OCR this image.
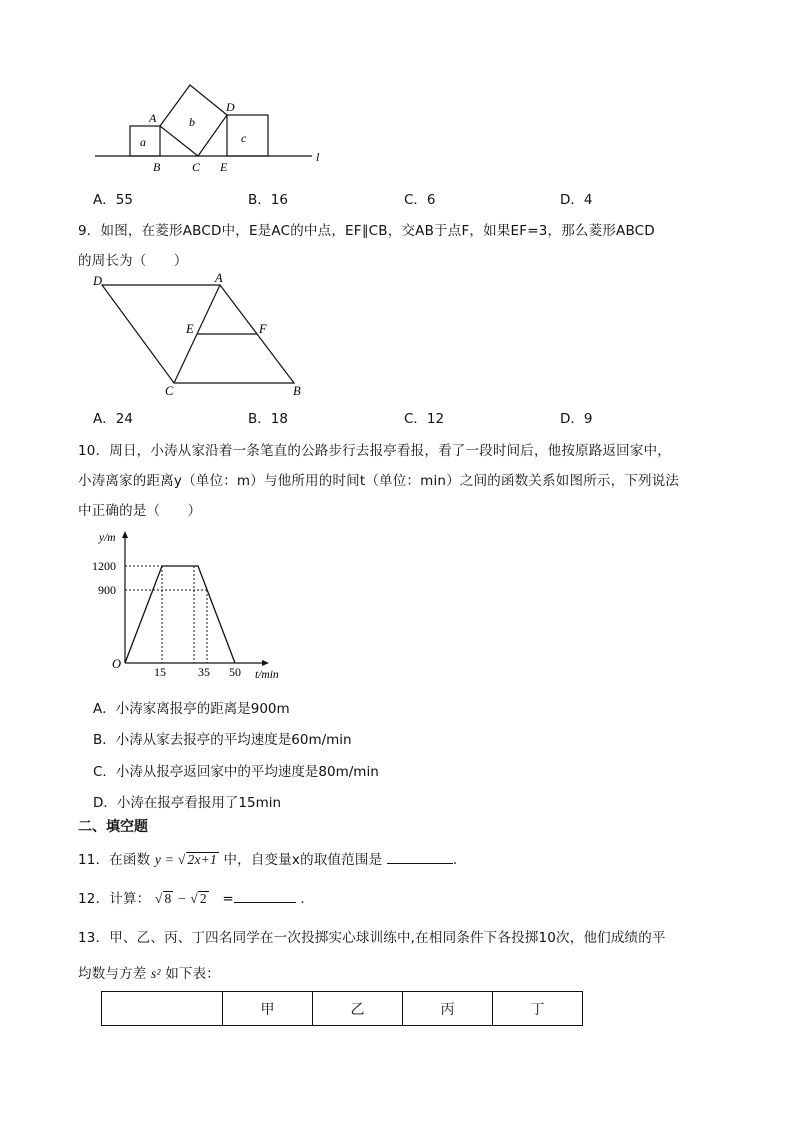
a
b
c
A
D
B	C E
l
A．55	B．16	C．6	D．4
9．如图，在菱形ABCD中，E是AC的中点，EF∥CB，交AB于点F，如果EF=3，那么菱形ABCD
的周长为（　　）
D	A
E	F
C	B
A．24	B．18	C．12	D．9
10．周日，小涛从家沿着一条笔直的公路步行去报亭看报，看了一段时间后，他按原路返回家中，
小涛离家的距离y（单位：m）与他所用的时间t（单位：min）之间的函数关系如图所示，下列说法
中正确的是（　　）
y/m
1200
900
O
15	35 50 t/min
A．小涛家离报亭的距离是900m
B．小涛从家去报亭的平均速度是60m/min
C．小涛从报亭返回家中的平均速度是80m/min
D．小涛在报亭看报用了15min
二、填空题
11．在函数 y = √ 2x+1 中，自变量x的取值范围是	.
12．计算： √ 8 − √ 2 =	.
13．甲、乙、丙、丁四名同学在一次投掷实心球训练中,在相同条件下各投掷10次，他们成绩的平
均数与方差 s² 如下表：
	甲	乙	丙	丁
